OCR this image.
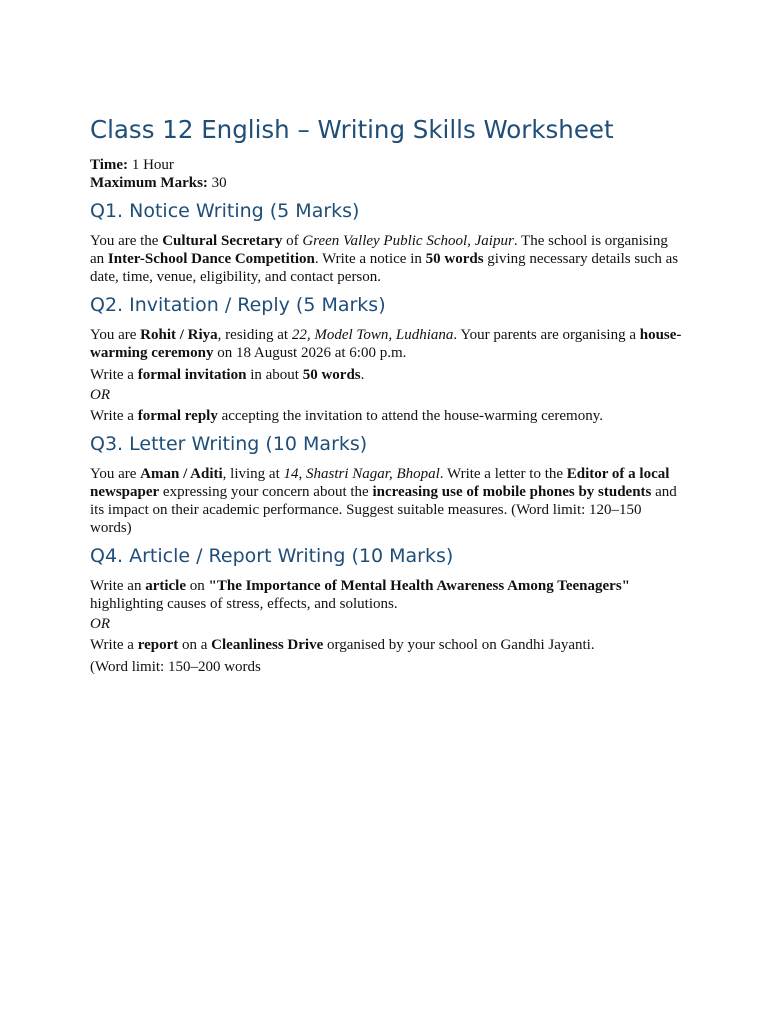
Class 12 English – Writing Skills Worksheet

Time: 1 Hour

Maximum Marks: 30

Q1. Notice Writing (5 Marks)

You are the Cultural Secretary of Green Valley Public School, Jaipur. The school is organising an Inter-School Dance Competition. Write a notice in 50 words giving necessary details such as date, time, venue, eligibility, and contact person.

Q2. Invitation / Reply (5 Marks)

You are Rohit / Riya, residing at 22, Model Town, Ludhiana. Your parents are organising a house-warming ceremony on 18 August 2026 at 6:00 p.m.

Write a formal invitation in about 50 words.

OR

Write a formal reply accepting the invitation to attend the house-warming ceremony.

Q3. Letter Writing (10 Marks)

You are Aman / Aditi, living at 14, Shastri Nagar, Bhopal. Write a letter to the Editor of a local newspaper expressing your concern about the increasing use of mobile phones by students and its impact on their academic performance. Suggest suitable measures. (Word limit: 120–150 words)

Q4. Article / Report Writing (10 Marks)

Write an article on "The Importance of Mental Health Awareness Among Teenagers" highlighting causes of stress, effects, and solutions.

OR

Write a report on a Cleanliness Drive organised by your school on Gandhi Jayanti.

(Word limit: 150–200 words
